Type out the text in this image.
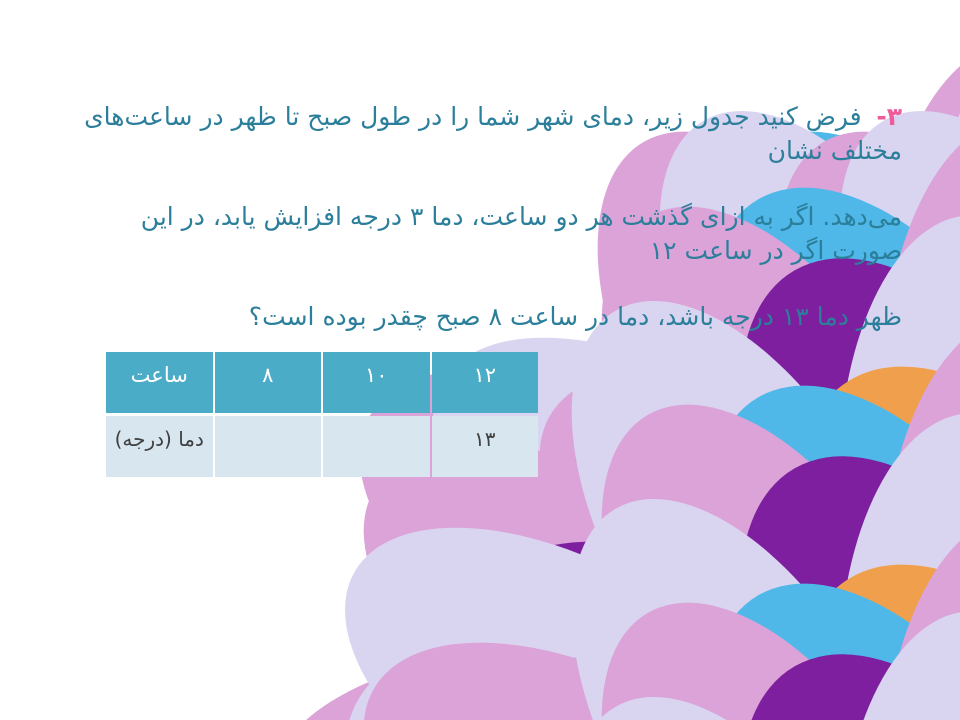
۳- فرض کنید جدول زیر، دمای شهر شما را در طول صبح تا ظهر در ساعت‌های مختلف نشان
می‌دهد. اگر به ازای گذشت هر دو ساعت، دما ۳ درجه افزایش یابد، در این صورت اگر در ساعت ۱۲
ظهر دما ۱۳ درجه باشد، دما در ساعت ۸ صبح چقدر بوده است؟
ساعت	۸	۱۰	۱۲
دما (درجه)			۱۳
